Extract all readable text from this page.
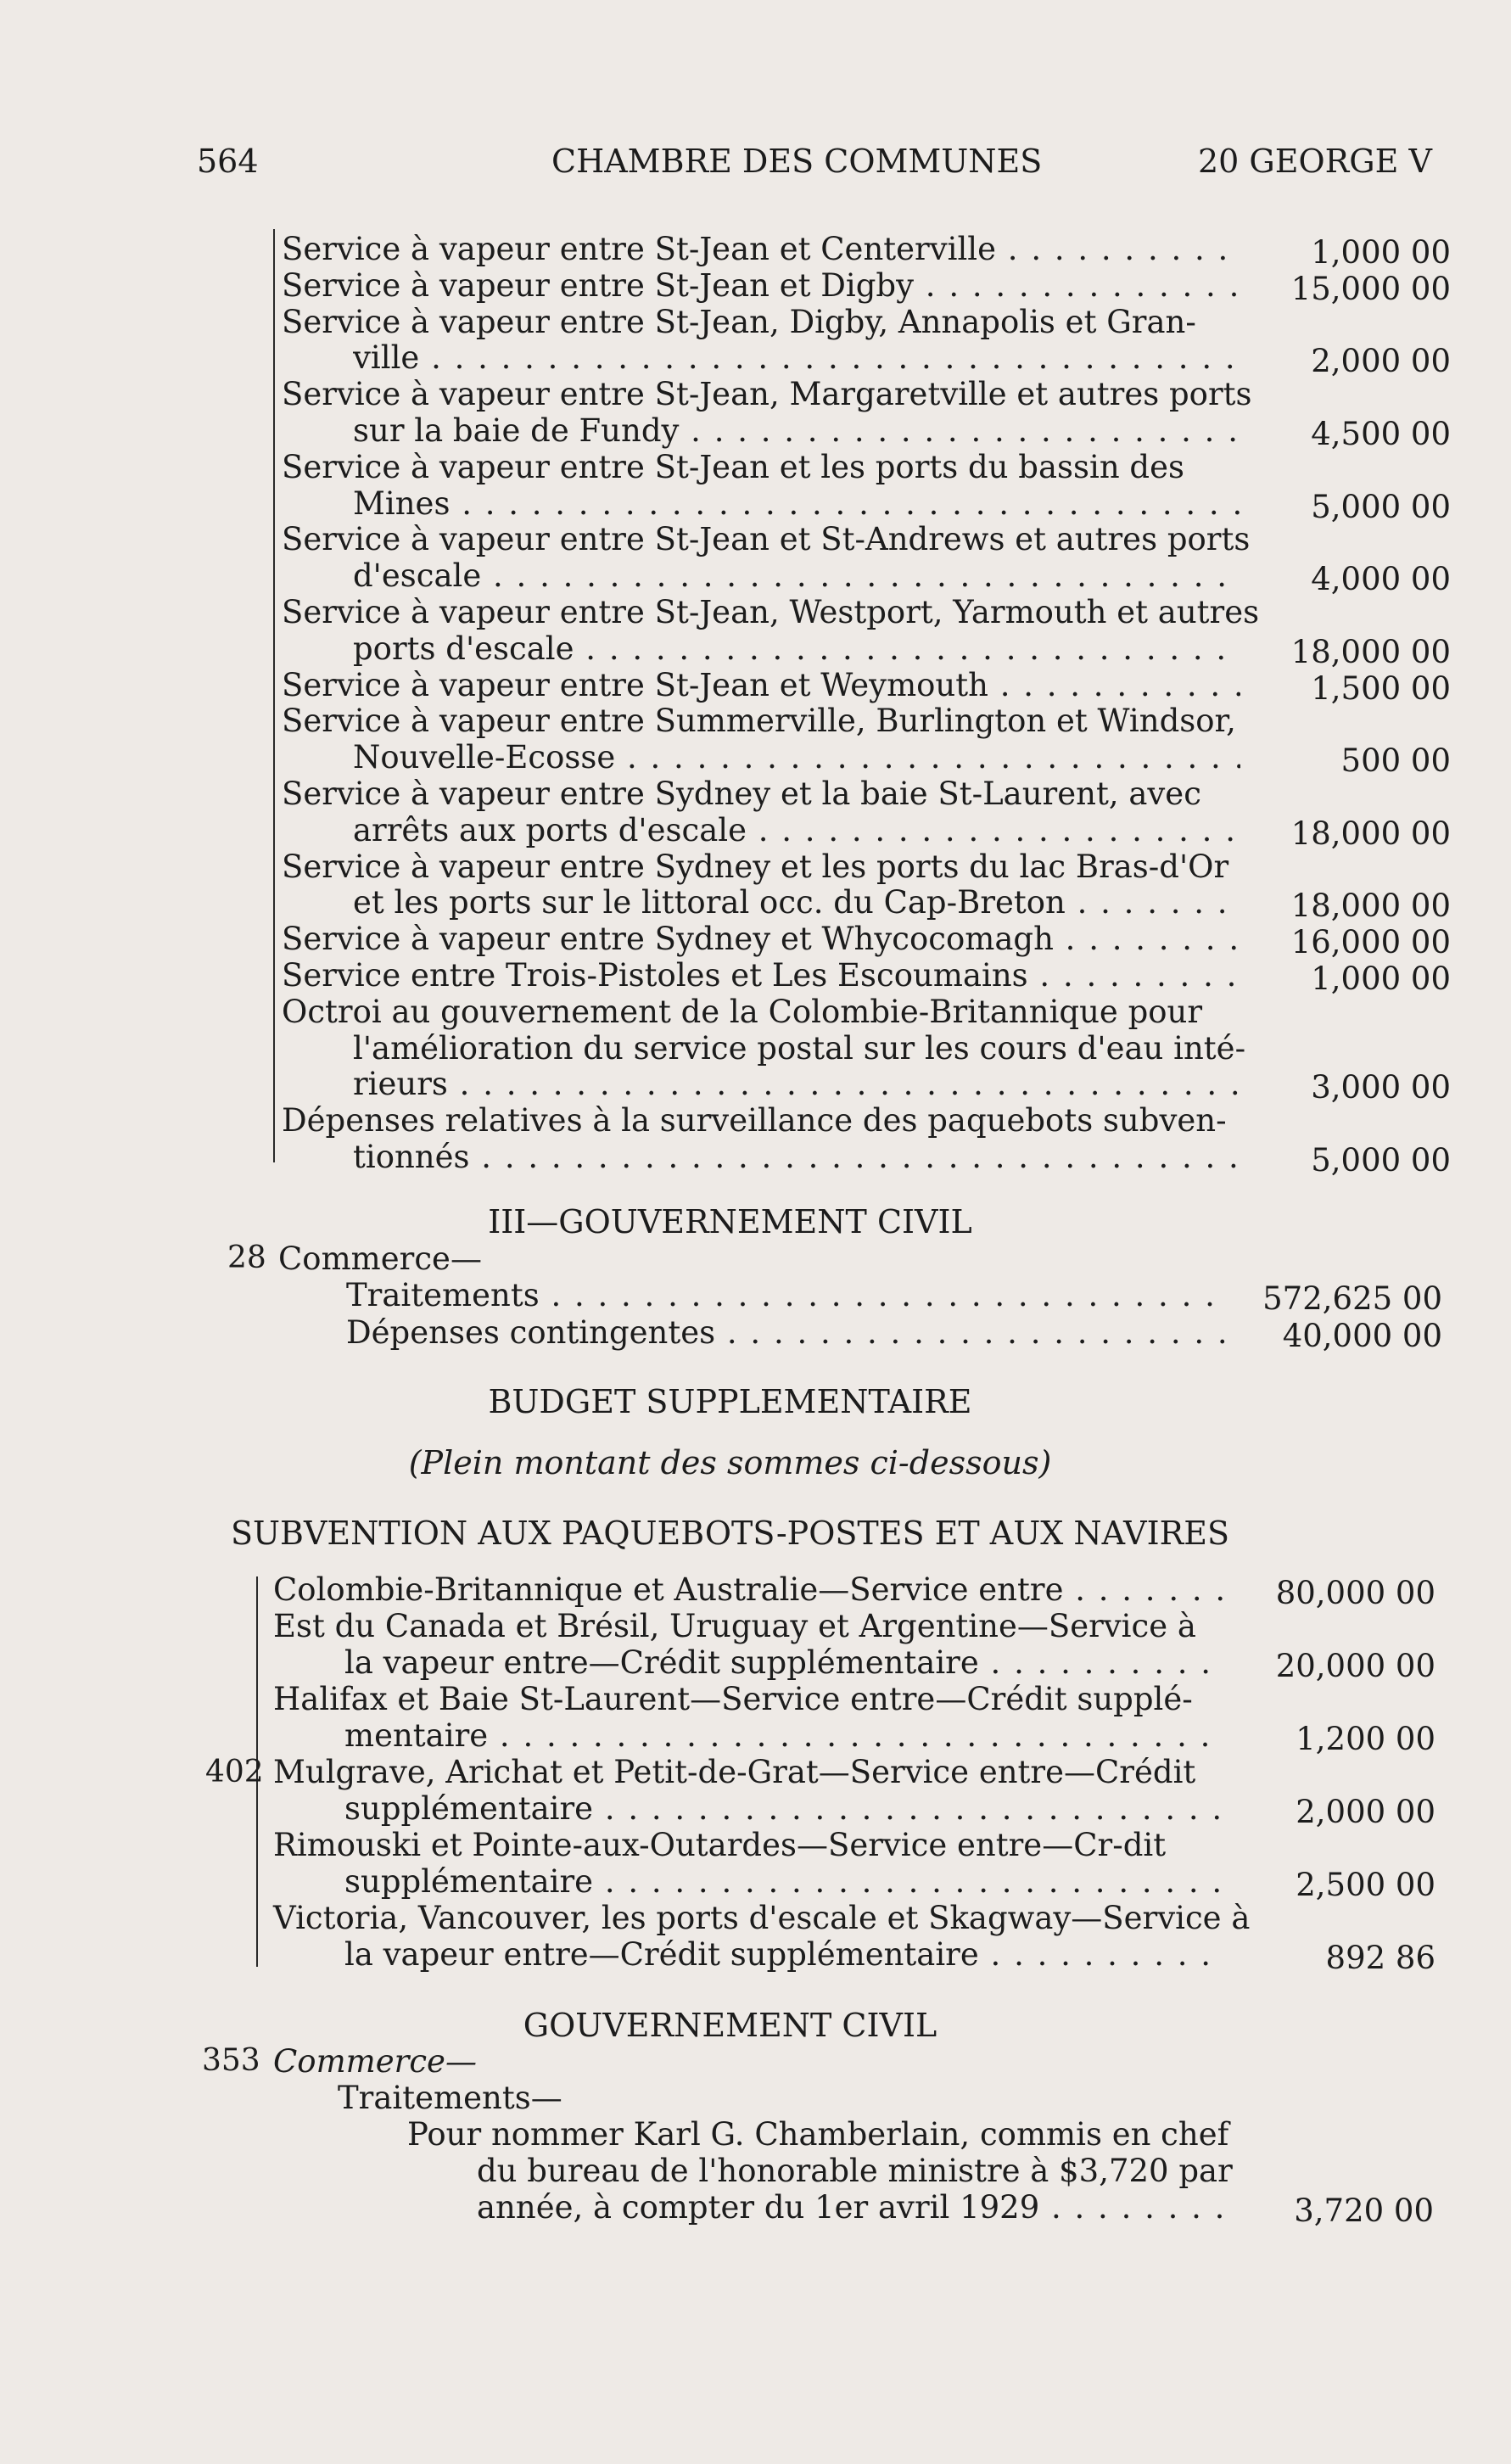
564	CHAMBRE DES COMMUNES	20 GEORGE V
Service à vapeur entre St-Jean et Centerville . . .	1,000 00
Service à vapeur entre St-Jean et Digby . . .	15,000 00
Service à vapeur entre St-Jean, Digby, Annapolis et Gran-
ville . . .	2,000 00
Service à vapeur entre St-Jean, Margaretville et autres ports
sur la baie de Fundy . . .	4,500 00
Service à vapeur entre St-Jean et les ports du bassin des
Mines . . .	5,000 00
Service à vapeur entre St-Jean et St-Andrews et autres ports
d'escale . . .	4,000 00
Service à vapeur entre St-Jean, Westport, Yarmouth et autres
ports d'escale . . .	18,000 00
Service à vapeur entre St-Jean et Weymouth . . .	1,500 00
Service à vapeur entre Summerville, Burlington et Windsor,
Nouvelle-Ecosse . . .	500 00
Service à vapeur entre Sydney et la baie St-Laurent, avec
arrêts aux ports d'escale . . .	18,000 00
Service à vapeur entre Sydney et les ports du lac Bras-d'Or
et les ports sur le littoral occ. du Cap-Breton . . .	18,000 00
Service à vapeur entre Sydney et Whycocomagh . . .	16,000 00
Service entre Trois-Pistoles et Les Escoumains . . .	1,000 00
Octroi au gouvernement de la Colombie-Britannique pour
l'amélioration du service postal sur les cours d'eau inté-
rieurs . . .	3,000 00
Dépenses relatives à la surveillance des paquebots subven-
tionnés . . .	5,000 00
III—GOUVERNEMENT CIVIL
28 Commerce—
Traitements . . .	572,625 00
Dépenses contingentes . . .	40,000 00
BUDGET SUPPLEMENTAIRE
(Plein montant des sommes ci-dessous)
SUBVENTION AUX PAQUEBOTS-POSTES ET AUX NAVIRES
402
Colombie-Britannique et Australie—Service entre . . .	80,000 00
Est du Canada et Brésil, Uruguay et Argentine—Service à
la vapeur entre—Crédit supplémentaire . . .	20,000 00
Halifax et Baie St-Laurent—Service entre—Crédit supplé-
mentaire . . .	1,200 00
Mulgrave, Arichat et Petit-de-Grat—Service entre—Crédit
supplémentaire . . .	2,000 00
Rimouski et Pointe-aux-Outardes—Service entre—Cr-dit
supplémentaire . . .	2,500 00
Victoria, Vancouver, les ports d'escale et Skagway—Service à
la vapeur entre—Crédit supplémentaire . . .	892 86
GOUVERNEMENT CIVIL
353 Commerce—
Traitements—
Pour nommer Karl G. Chamberlain, commis en chef
du bureau de l'honorable ministre à $3,720 par
année, à compter du 1er avril 1929 . . .	3,720 00
